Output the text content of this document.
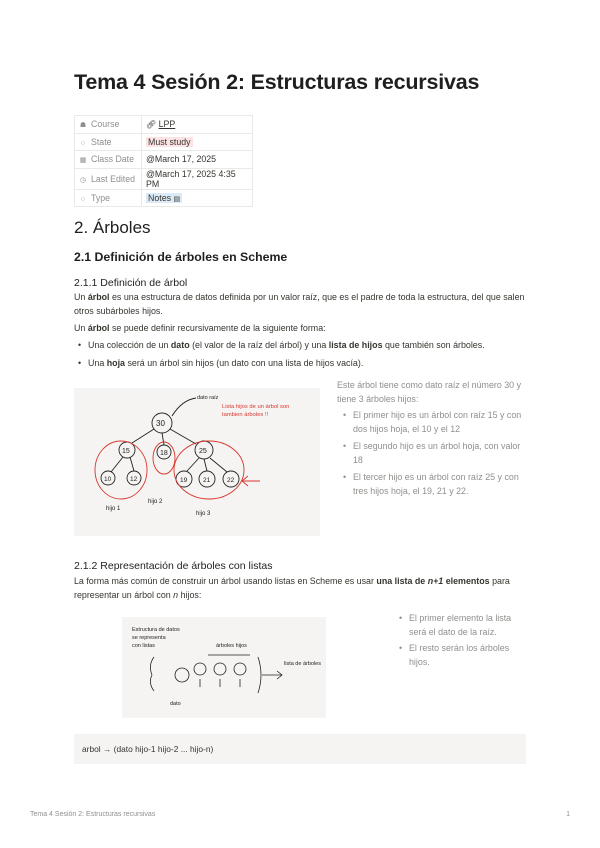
Tema 4 Sesión 2: Estructuras recursivas
☗ Course	🔗︎ LPP
○ State	Must study
▦ Class Date	@March 17, 2025
◷ Last Edited	@March 17, 2025 4:35 PM
○ Type	Notes ▤
2. Árboles
2.1 Definición de árboles en Scheme
2.1.1 Definición de árbol

Un árbol es una estructura de datos definida por un valor raíz, que es el padre de toda la estructura, del que salen otros subárboles hijos.

Un árbol se puede definir recursivamente de la siguiente forma:

• Una colección de un dato (el valor de la raíz del árbol) y una lista de hijos que también son árboles.

• Una hoja será un árbol sin hijos (un dato con una lista de hijos vacía).

30
15	18	25
10	12	19 21	22
dato raíz
Lista hijos de un árbol son tambien árboles !!
hijo 1
hijo 2
hijo 3

Este árbol tiene como dato raíz el número 30 y tiene 3 árboles hijos:

• El primer hijo es un árbol con raíz 15 y con dos hijos hoja, el 10 y el 12

• El segundo hijo es un árbol hoja, con valor 18

• El tercer hijo es un árbol con raíz 25 y con tres hijos hoja, el 19, 21 y 22.

2.1.2 Representación de árboles con listas

La forma más común de construir un árbol usando listas en Scheme es usar una lista de n+1 elementos para representar un árbol con n hijos:

Estructura de datos
se representa
con listas	árboles hijos
dato
lista de árboles

• El primer elemento la lista será el dato de la raíz.

• El resto serán los árboles hijos.

arbol → (dato hijo-1 hijo-2 ... hijo-n)
Tema 4 Sesión 2: Estructuras recursivas	1
